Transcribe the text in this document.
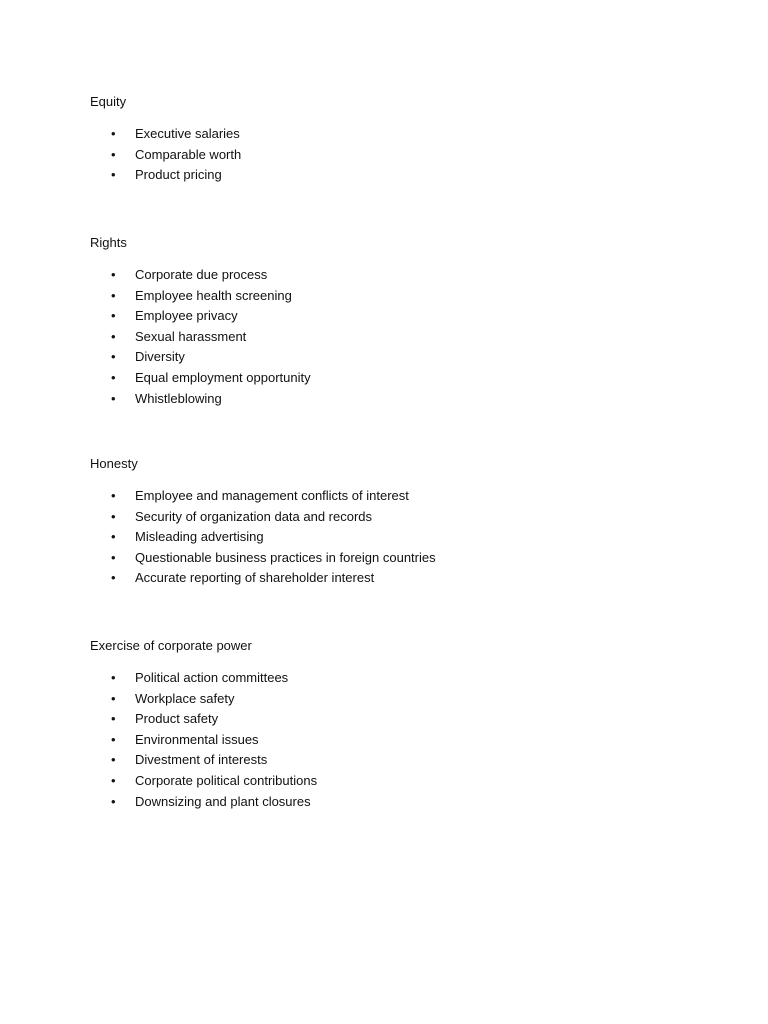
Equity
• Executive salaries
• Comparable worth
• Product pricing
Rights
• Corporate due process
• Employee health screening
• Employee privacy
• Sexual harassment
• Diversity
• Equal employment opportunity
• Whistleblowing
Honesty
• Employee and management conflicts of interest
• Security of organization data and records
• Misleading advertising
• Questionable business practices in foreign countries
• Accurate reporting of shareholder interest
Exercise of corporate power
• Political action committees
• Workplace safety
• Product safety
• Environmental issues
• Divestment of interests
• Corporate political contributions
• Downsizing and plant closures
